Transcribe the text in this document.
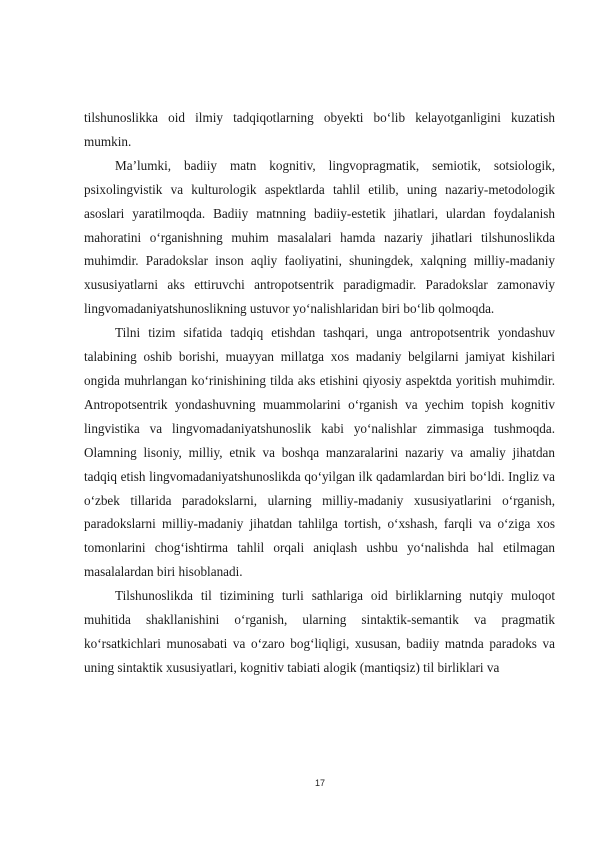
tilshunoslikka oid ilmiy tadqiqotlarning obyekti bo‘lib kelayotganligini kuzatish mumkin.

Ma’lumki, badiiy matn kognitiv, lingvopragmatik, semiotik, sotsiologik, psixolingvistik va kulturologik aspektlarda tahlil etilib, uning nazariy-metodologik asoslari yaratilmoqda. Badiiy matnning badiiy-estetik jihatlari, ulardan foydalanish mahoratini o‘rganishning muhim masalalari hamda nazariy jihatlari tilshunoslikda muhimdir. Paradokslar inson aqliy faoliyatini, shuningdek, xalqning milliy-madaniy xususiyatlarni aks ettiruvchi antropotsentrik paradigmadir. Paradokslar zamonaviy lingvomadaniyatshunoslikning ustuvor yo‘nalishlaridan biri bo‘lib qolmoqda.

Tilni tizim sifatida tadqiq etishdan tashqari, unga antropotsentrik yondashuv talabining oshib borishi, muayyan millatga xos madaniy belgilarni jamiyat kishilari ongida muhrlangan ko‘rinishining tilda aks etishini qiyosiy aspektda yoritish muhimdir. Antropotsentrik yondashuvning muammolarini o‘rganish va yechim topish kognitiv lingvistika va lingvomadaniyatshunoslik kabi yo‘nalishlar zimmasiga tushmoqda. Olamning lisoniy, milliy, etnik va boshqa manzaralarini nazariy va amaliy jihatdan tadqiq etish lingvomadaniyatshunoslikda qo‘yilgan ilk qadamlardan biri bo‘ldi. Ingliz va o‘zbek tillarida paradokslarni, ularning milliy-madaniy xususiyatlarini o‘rganish, paradokslarni milliy-madaniy jihatdan tahlilga tortish, o‘xshash, farqli va o‘ziga xos tomonlarini chog‘ishtirma tahlil orqali aniqlash ushbu yo‘nalishda hal etilmagan masalalardan biri hisoblanadi.

Tilshunoslikda til tizimining turli sathlariga oid birliklarning nutqiy muloqot muhitida shakllanishini o‘rganish, ularning sintaktik-semantik va pragmatik ko‘rsatkichlari munosabati va o‘zaro bog‘liqligi, xususan, badiiy matnda paradoks va uning sintaktik xususiyatlari, kognitiv tabiati alogik (mantiqsiz) til birliklari va

17
